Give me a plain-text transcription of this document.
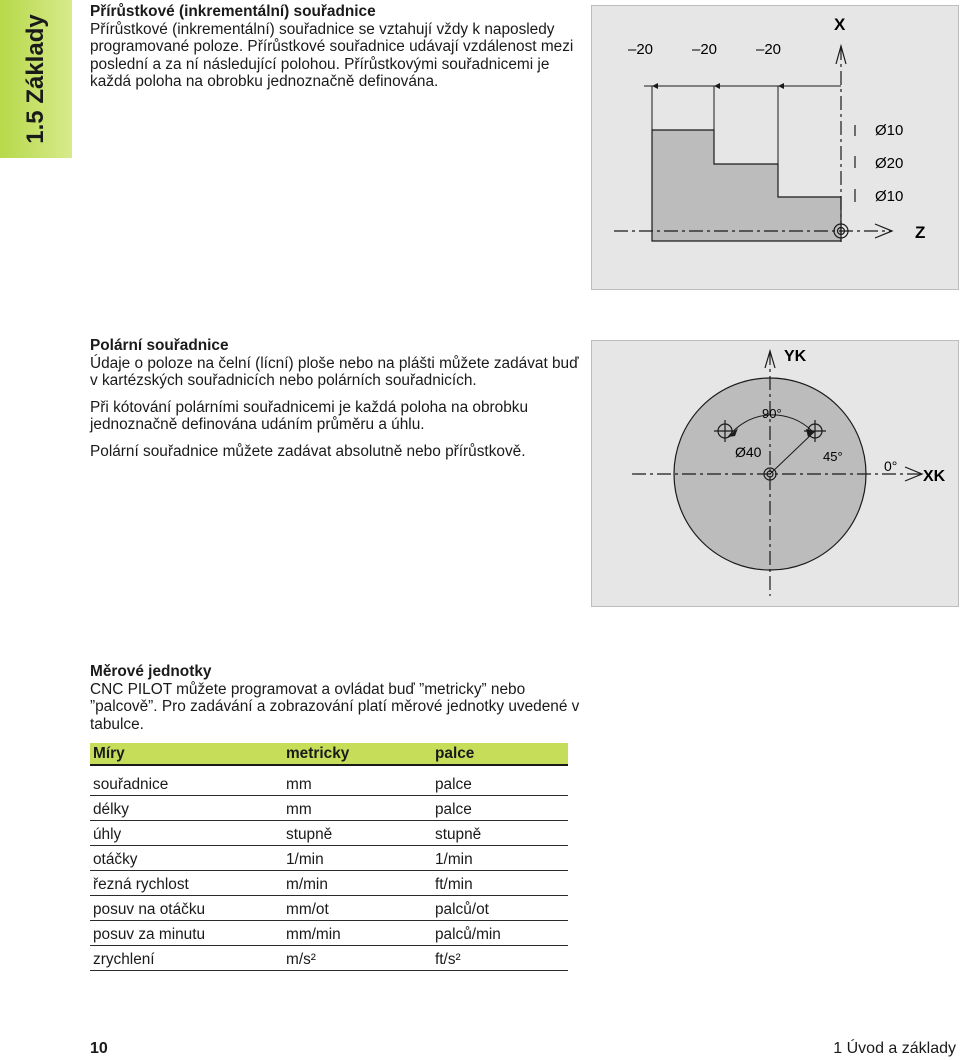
1.5 Základy
Přírůstkové (inkrementální) souřadnice

Přírůstkové (inkrementální) souřadnice se vztahují vždy k naposledy programované poloze. Přírůstkové souřadnice udávají vzdálenost mezi poslední a za ní následující polohou. Přírůstkovými souřadnicemi je každá poloha na obrobku jednoznačně definována.

–20	–20	–20
X
Ø10
Ø20
Ø10
Z
Polární souřadnice

Údaje o poloze na čelní (lícní) ploše nebo na plášti můžete zadávat buď v kartézských souřadnicích nebo polárních souřadnicích.

Při kótování polárními souřadnicemi je každá poloha na obrobku jednoznačně definována udáním průměru a úhlu.

Polární souřadnice můžete zadávat absolutně nebo přírůstkově.

YK
90°
Ø40	45°
0°
XK
Měrové jednotky

CNC PILOT můžete programovat a ovládat buď ”metricky” nebo ”palcově”. Pro zadávání a zobrazování platí měrové jednotky uvedené v tabulce.

Míry	metricky	palce
souřadnice	mm	palce
délky	mm	palce
úhly	stupně	stupně
otáčky	1/min	1/min
řezná rychlost	m/min	ft/min
posuv na otáčku	mm/ot	palců/ot
posuv za minutu	mm/min	palců/min
zrychlení	m/s²	ft/s²
10	1 Úvod a základy
